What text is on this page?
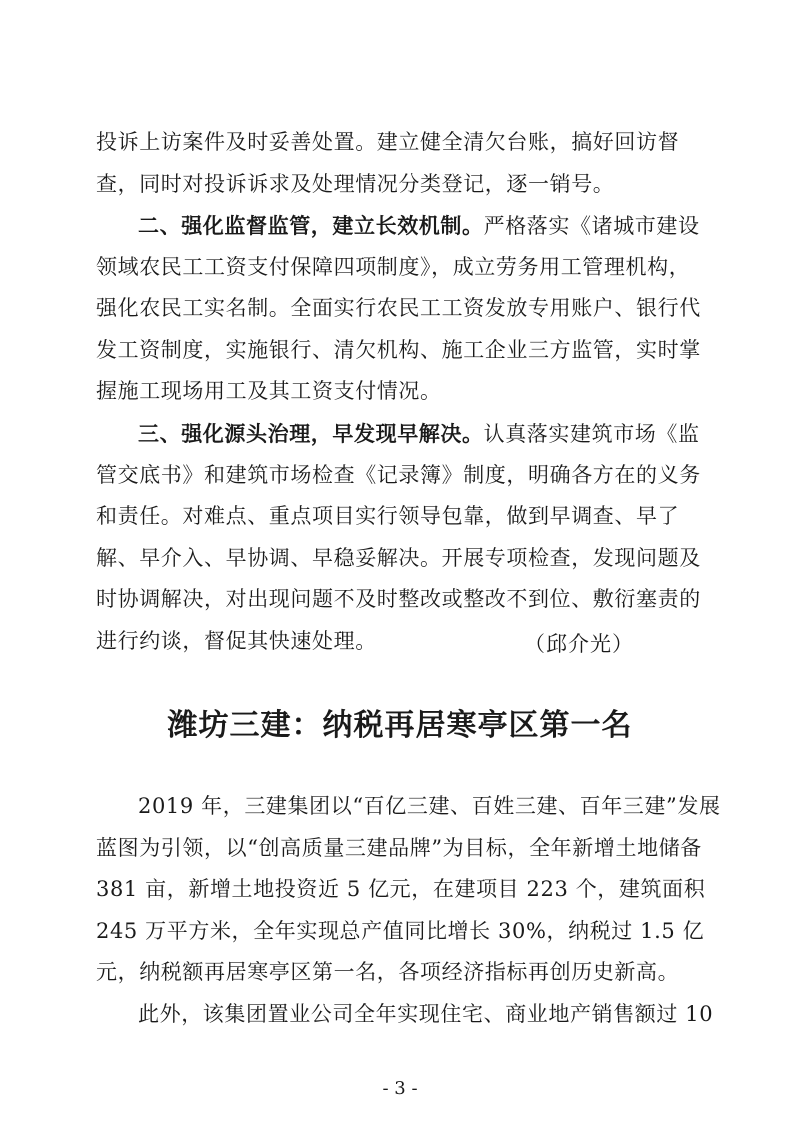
投诉上访案件及时妥善处置。建立健全清欠台账，搞好回访督
查，同时对投诉诉求及处理情况分类登记，逐一销号。
二、强化监督监管，建立长效机制。严格落实《诸城市建设
领域农民工工资支付保障四项制度》，成立劳务用工管理机构，
强化农民工实名制。全面实行农民工工资发放专用账户、银行代
发工资制度，实施银行、清欠机构、施工企业三方监管，实时掌
握施工现场用工及其工资支付情况。
三、强化源头治理，早发现早解决。认真落实建筑市场《监
管交底书》和建筑市场检查《记录簿》制度，明确各方在的义务
和责任。对难点、重点项目实行领导包靠，做到早调查、早了
解、早介入、早协调、早稳妥解决。开展专项检查，发现问题及
时协调解决，对出现问题不及时整改或整改不到位、敷衍塞责的
进行约谈，督促其快速处理。	（邱介光）
潍坊三建：纳税再居寒亭区第一名
2019 年，三建集团以“百亿三建、百姓三建、百年三建”发展
蓝图为引领，以“创高质量三建品牌”为目标，全年新增土地储备
381 亩，新增土地投资近 5 亿元，在建项目 223 个，建筑面积
245 万平方米，全年实现总产值同比增长 30%，纳税过 1.5 亿
元，纳税额再居寒亭区第一名，各项经济指标再创历史新高。
此外，该集团置业公司全年实现住宅、商业地产销售额过 10
- 3 -
